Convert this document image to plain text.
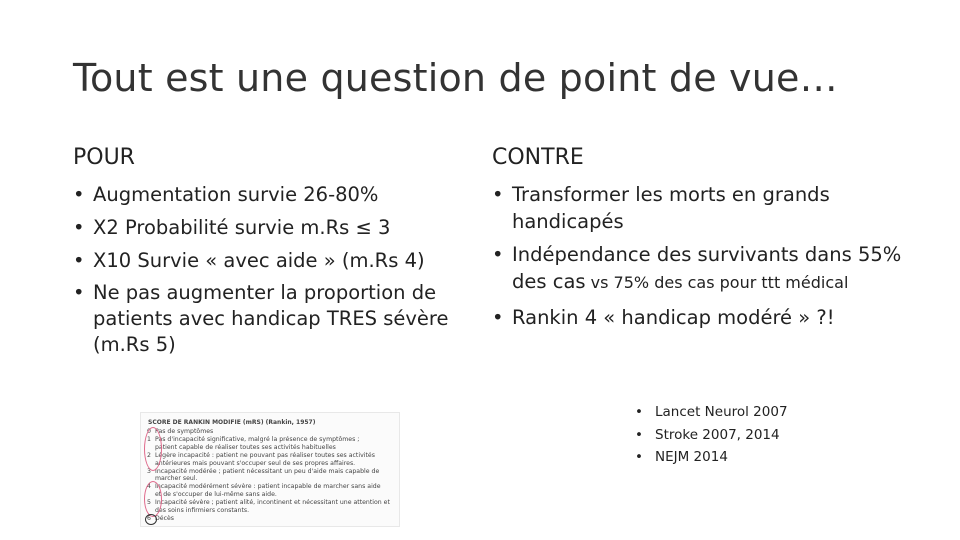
Tout est une question de point de vue…
POUR
• Augmentation survie 26-80%
• X2 Probabilité survie m.Rs ≤ 3
• X10 Survie « avec aide » (m.Rs 4)
• Ne pas augmenter la proportion de patients avec handicap TRES sévère (m.Rs 5)
CONTRE
• Transformer les morts en grands handicapés
• Indépendance des survivants dans 55% des cas vs 75% des cas pour ttt médical
• Rankin 4 « handicap modéré » ?!
• Lancet Neurol 2007
• Stroke 2007, 2014
• NEJM 2014
SCORE DE RANKIN MODIFIE (mRS) (Rankin, 1957)
0 Pas de symptômes
1 Pas d'incapacité significative, malgré la présence de symptômes ;
patient capable de réaliser toutes ses activités habituelles
2 Légère incapacité : patient ne pouvant pas réaliser toutes ses activités
antérieures mais pouvant s'occuper seul de ses propres affaires.
3 Incapacité modérée ; patient nécessitant un peu d'aide mais capable de
marcher seul.
4 Incapacité modérément sévère : patient incapable de marcher sans aide
et de s'occuper de lui-même sans aide.
5 Incapacité sévère ; patient alité, incontinent et nécessitant une attention et
des soins infirmiers constants.
6 Décès
